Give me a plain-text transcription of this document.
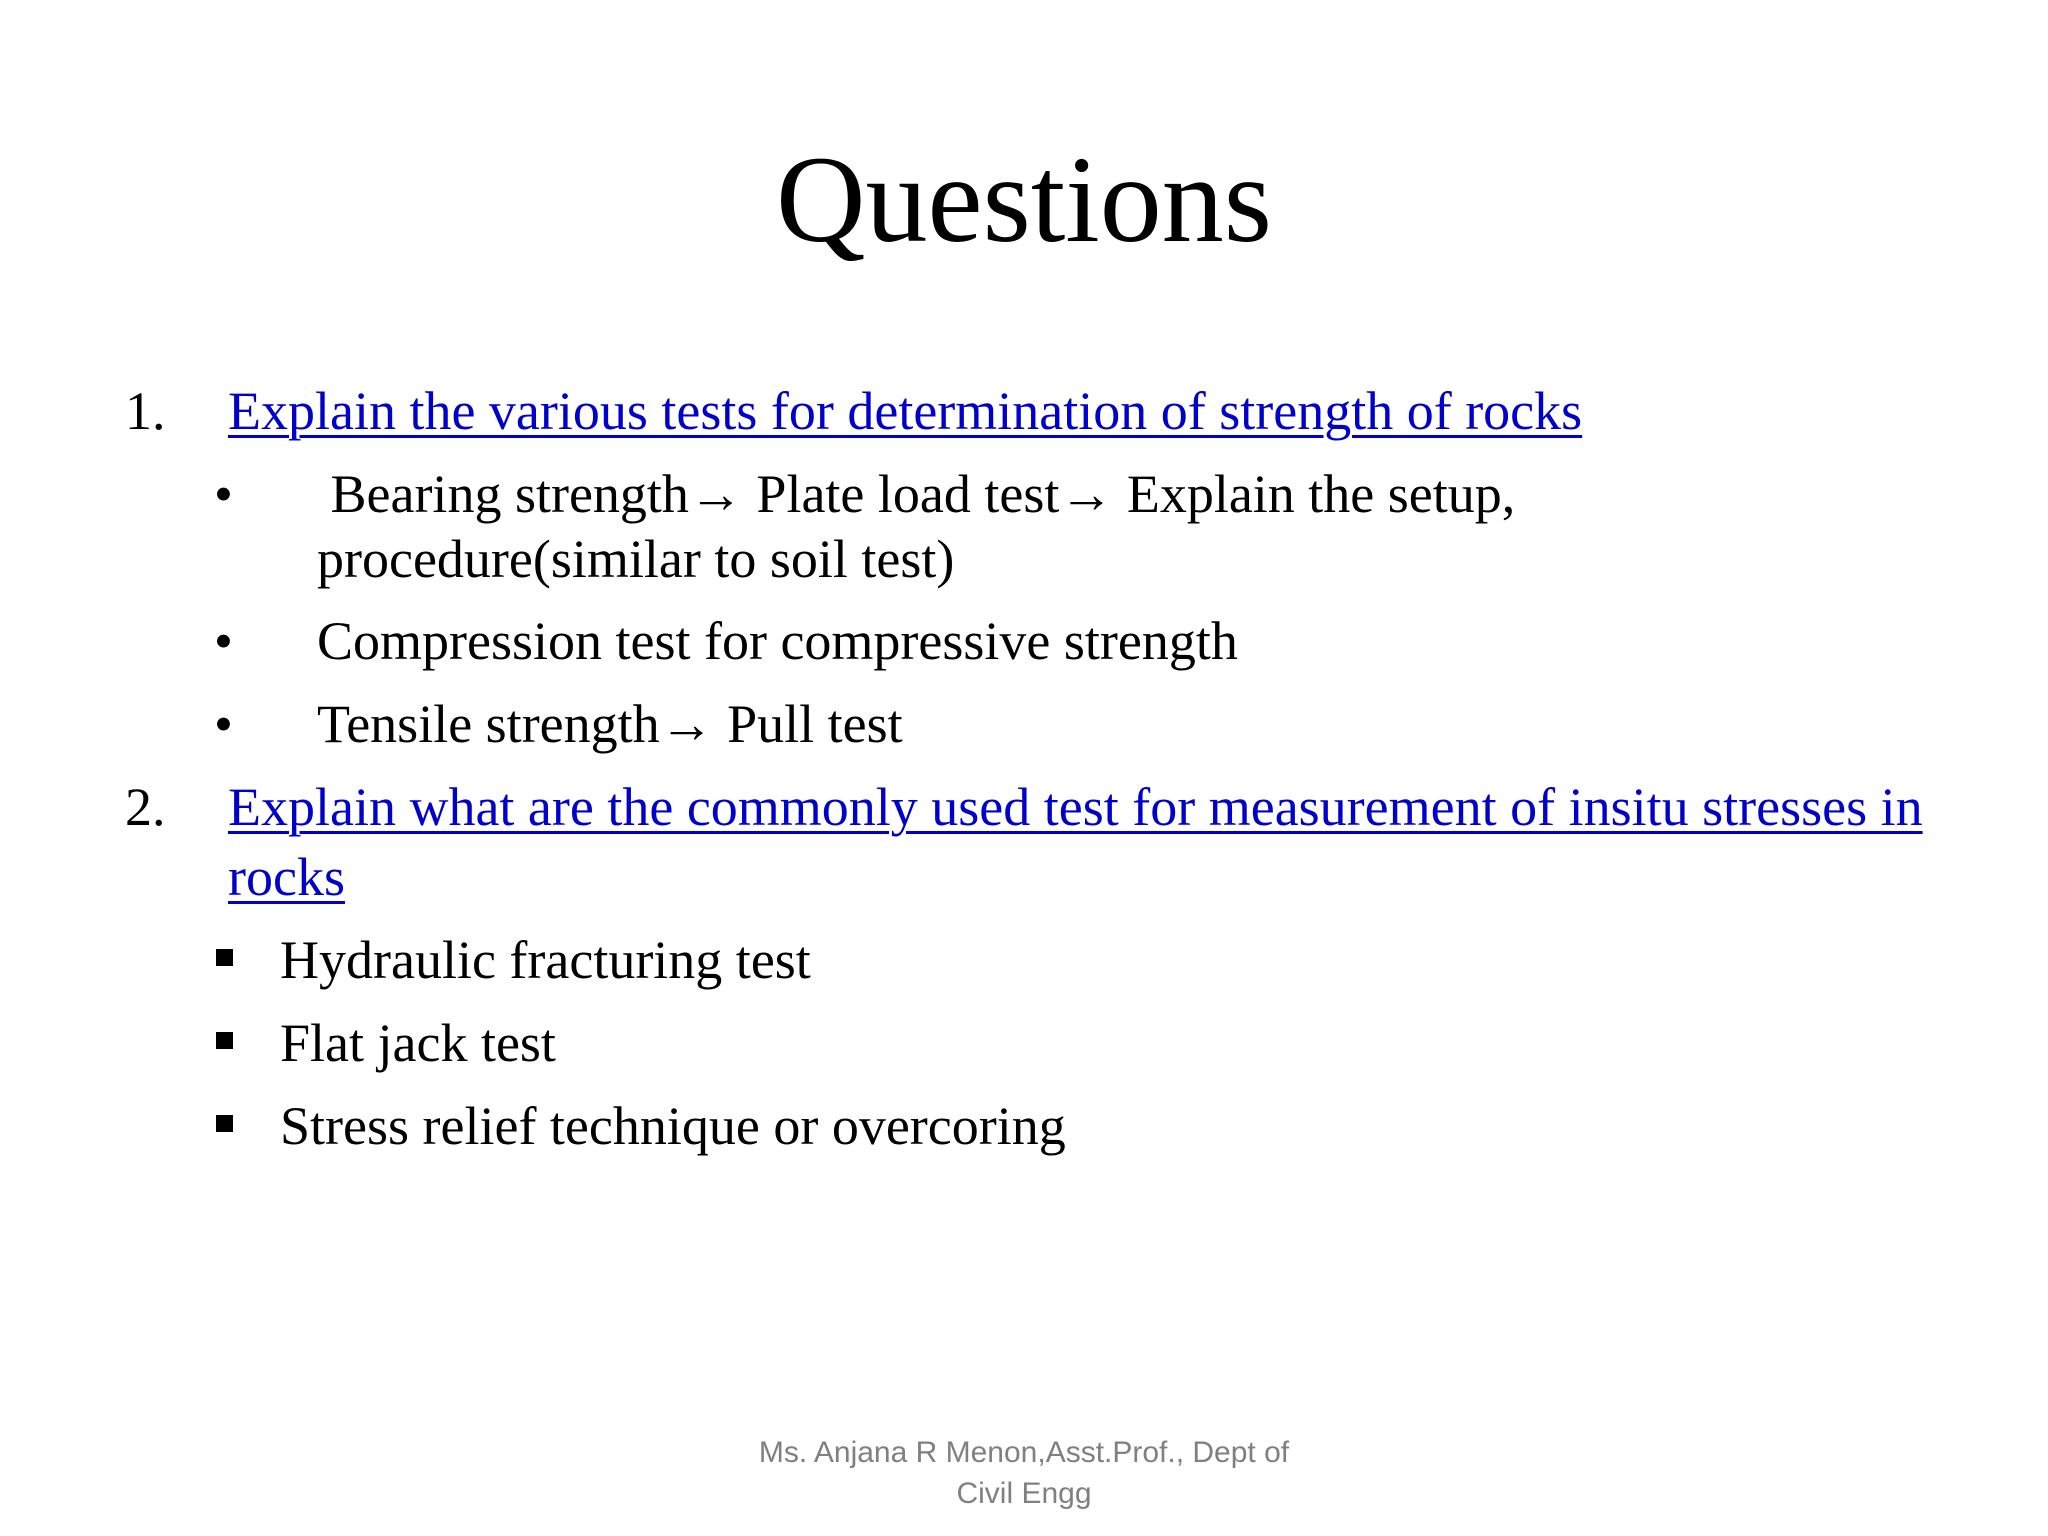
Questions
1. Explain the various tests for determination of strength of rocks
• Bearing strength→ Plate load test→ Explain the setup,
procedure(similar to soil test)
• Compression test for compressive strength
• Tensile strength→ Pull test
2. Explain what are the commonly used test for measurement of insitu stresses in rocks
Hydraulic fracturing test
Flat jack test
Stress relief technique or overcoring
Ms. Anjana R Menon,Asst.Prof., Dept of
Civil Engg
